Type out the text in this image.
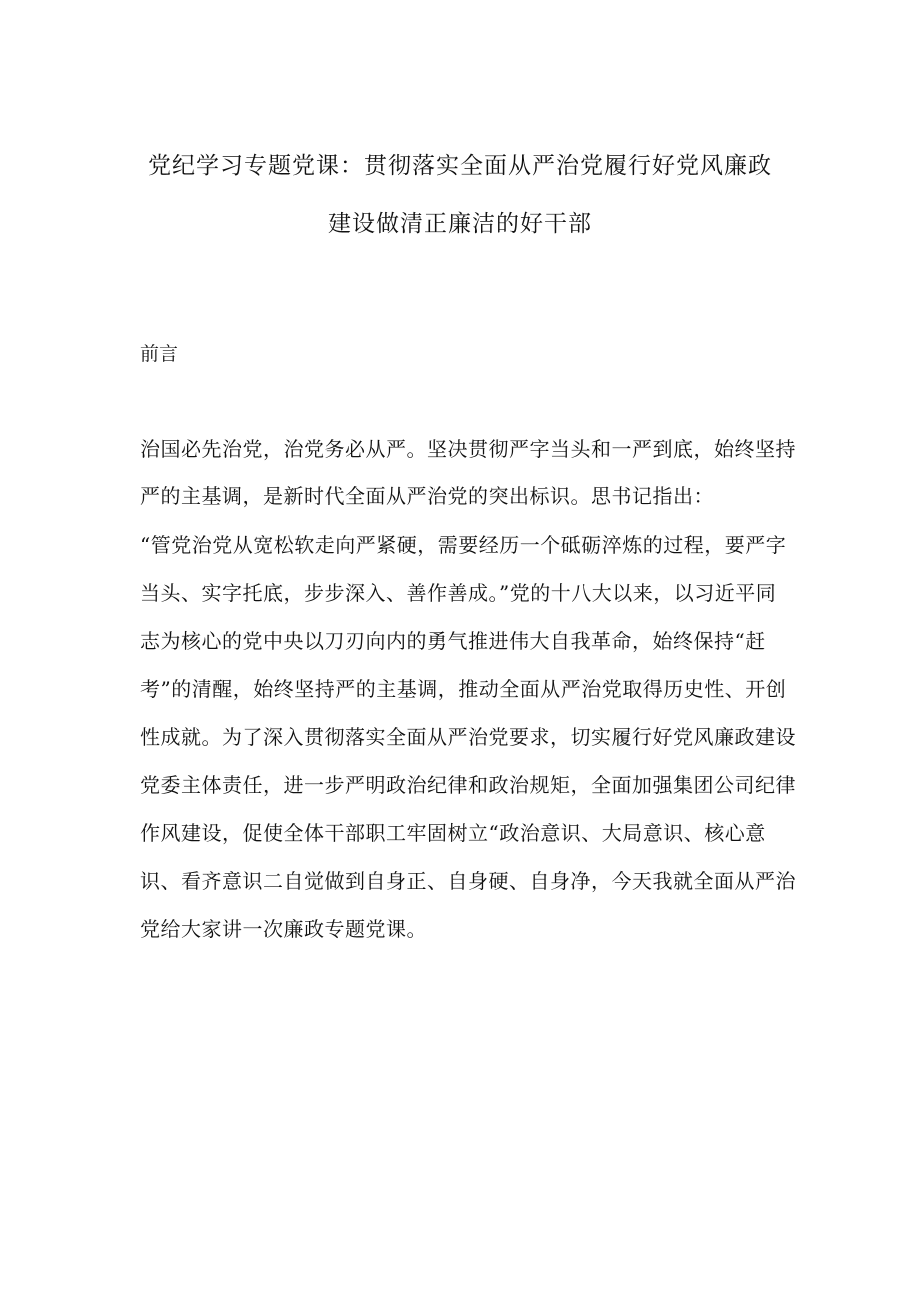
党纪学习专题党课：贯彻落实全面从严治党履行好党风廉政
建设做清正廉洁的好干部
前言

治国必先治党，治党务必从严。坚决贯彻严字当头和一严到底，始终坚持

严的主基调，是新时代全面从严治党的突出标识。思书记指出：

“管党治党从宽松软走向严紧硬，需要经历一个砥砺淬炼的过程，要严字

当头、实字托底，步步深入、善作善成。”党的十八大以来，以习近平同

志为核心的党中央以刀刃向内的勇气推进伟大自我革命，始终保持“赶

考”的清醒，始终坚持严的主基调，推动全面从严治党取得历史性、开创

性成就。为了深入贯彻落实全面从严治党要求，切实履行好党风廉政建设

党委主体责任，进一步严明政治纪律和政治规矩，全面加强集团公司纪律

作风建设，促使全体干部职工牢固树立“政治意识、大局意识、核心意

识、看齐意识二自觉做到自身正、自身硬、自身净，今天我就全面从严治

党给大家讲一次廉政专题党课。
